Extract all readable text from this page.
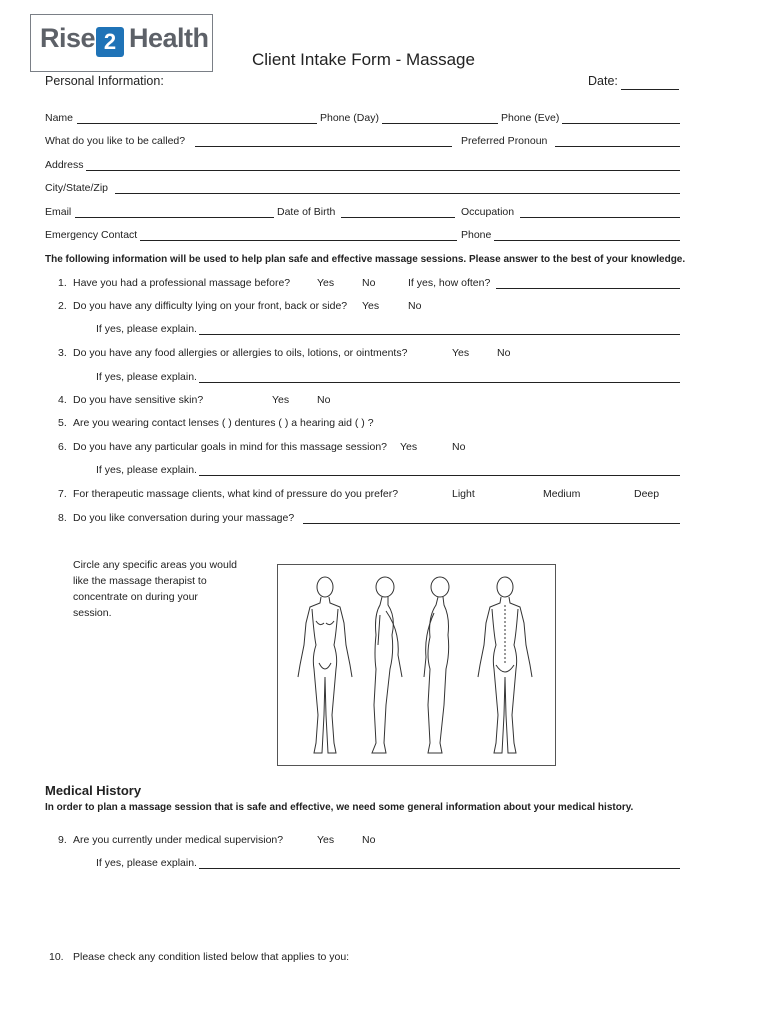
Rise 2 Health
Client Intake Form - Massage
Personal Information:	Date:
Name	Phone (Day)	Phone (Eve)
What do you like to be called?	Preferred Pronoun
Address
City/State/Zip
Email	Date of Birth	Occupation
Emergency Contact	Phone
The following information will be used to help plan safe and effective massage sessions. Please answer to the best of your knowledge.
1. Have you had a professional massage before?	Yes	No	If yes, how often?
2. Do you have any difficulty lying on your front, back or side? Yes	No
If yes, please explain.
3. Do you have any food allergies or allergies to oils, lotions, or ointments?	Yes	No
If yes, please explain.
4. Do you have sensitive skin?	Yes	No
5. Are you wearing contact lenses ( ) dentures ( ) a hearing aid ( ) ?
6. Do you have any particular goals in mind for this massage session? Yes	No
If yes, please explain.
7. For therapeutic massage clients, what kind of pressure do you prefer?	Light	Medium	Deep
8. Do you like conversation during your massage?
Circle any specific areas you would
like the massage therapist to
concentrate on during your
session.
Medical History
In order to plan a massage session that is safe and effective, we need some general information about your medical history.
9. Are you currently under medical supervision?	Yes	No
If yes, please explain.
10. Please check any condition listed below that applies to you:
